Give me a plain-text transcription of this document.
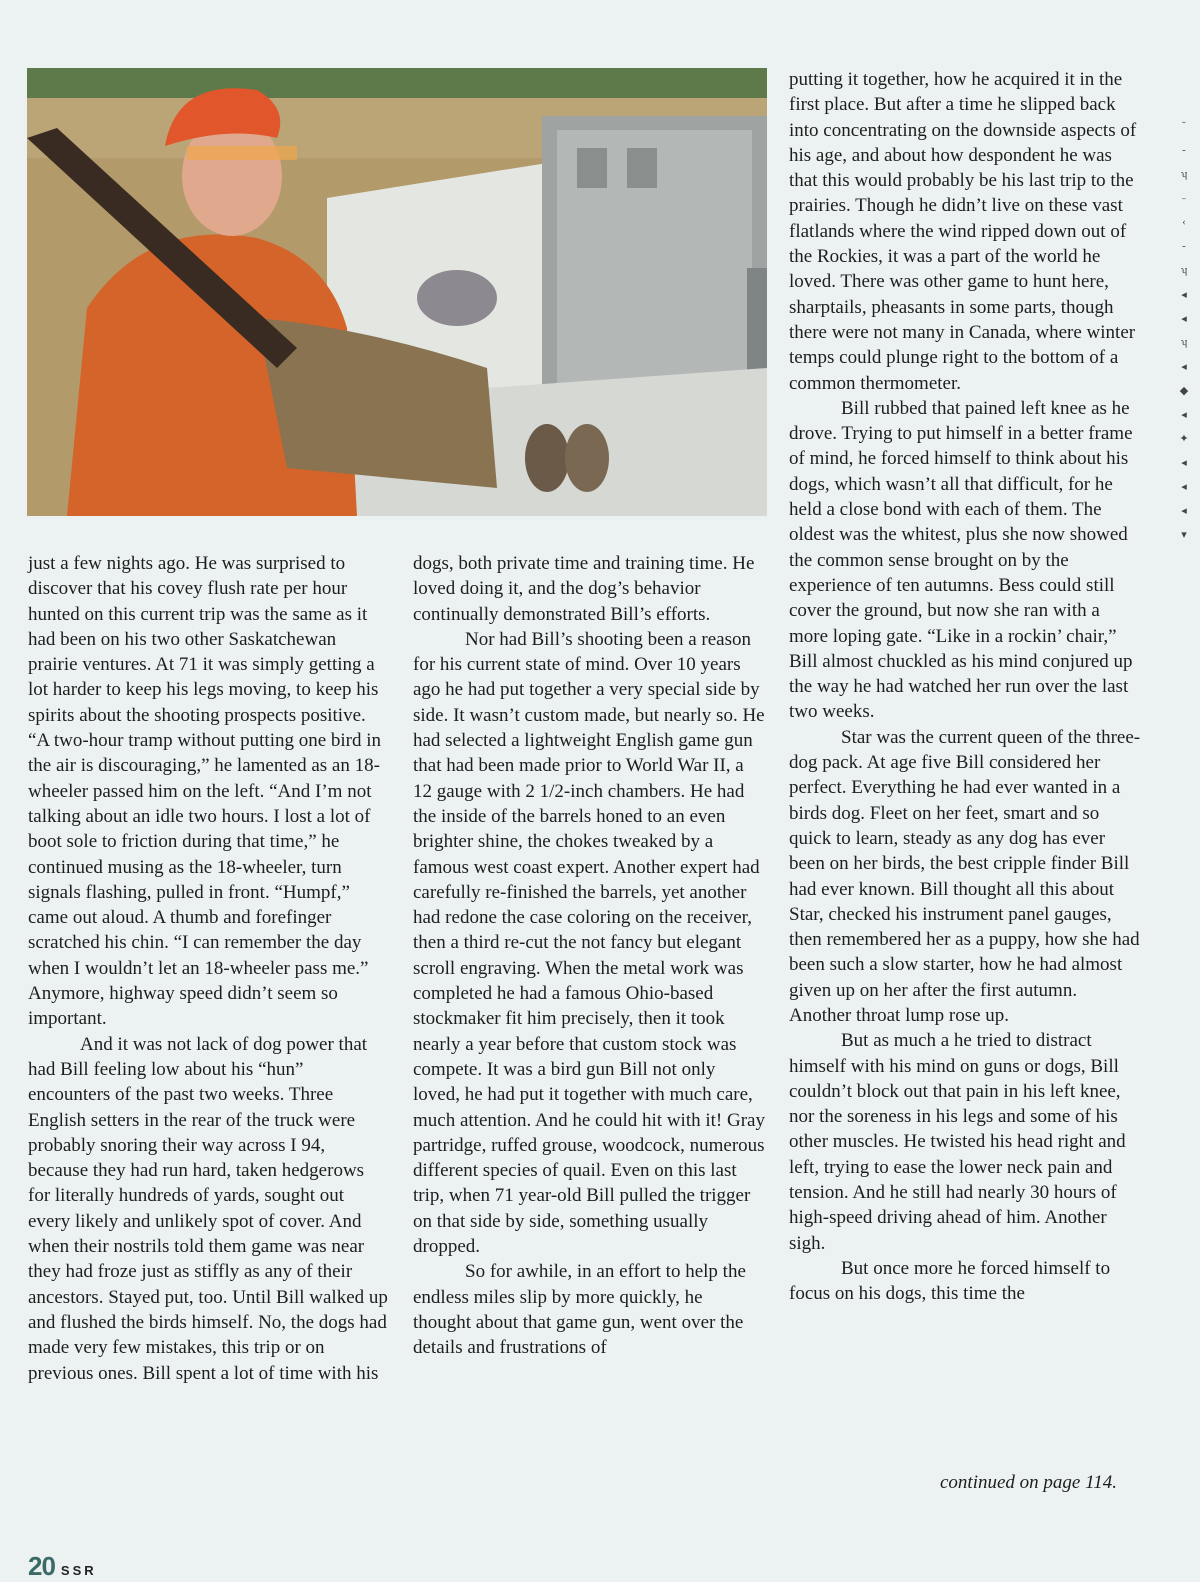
just a few nights ago. He was surprised to discover that his covey flush rate per hour hunted on this current trip was the same as it had been on his two other Saskatchewan prairie ventures. At 71 it was simply getting a lot harder to keep his legs moving, to keep his spirits about the shooting prospects positive. “A two-hour tramp without putting one bird in the air is discouraging,” he lamented as an 18-wheeler passed him on the left. “And I’m not talking about an idle two hours. I lost a lot of boot sole to friction during that time,” he continued musing as the 18-wheeler, turn signals flashing, pulled in front. “Humpf,” came out aloud. A thumb and forefinger scratched his chin. “I can remember the day when I wouldn’t let an 18-wheeler pass me.” Anymore, highway speed didn’t seem so important.

And it was not lack of dog power that had Bill feeling low about his “hun” encounters of the past two weeks. Three English setters in the rear of the truck were probably snoring their way across I 94, because they had run hard, taken hedgerows for literally hundreds of yards, sought out every likely and unlikely spot of cover. And when their nostrils told them game was near they had froze just as stiffly as any of their ancestors. Stayed put, too. Until Bill walked up and flushed the birds himself. No, the dogs had made very few mistakes, this trip or on previous ones. Bill spent a lot of time with his

dogs, both private time and training time. He loved doing it, and the dog’s behavior continually demonstrated Bill’s efforts.

Nor had Bill’s shooting been a reason for his current state of mind. Over 10 years ago he had put together a very special side by side. It wasn’t custom made, but nearly so. He had selected a lightweight English game gun that had been made prior to World War II, a 12 gauge with 2 1/2-inch chambers. He had the inside of the barrels honed to an even brighter shine, the chokes tweaked by a famous west coast expert. Another expert had carefully re-finished the barrels, yet another had redone the case coloring on the receiver, then a third re-cut the not fancy but elegant scroll engraving. When the metal work was completed he had a famous Ohio-based stockmaker fit him precisely, then it took nearly a year before that custom stock was compete. It was a bird gun Bill not only loved, he had put it together with much care, much attention. And he could hit with it! Gray partridge, ruffed grouse, woodcock, numerous different species of quail. Even on this last trip, when 71 year-old Bill pulled the trigger on that side by side, something usually dropped.

So for awhile, in an effort to help the endless miles slip by more quickly, he thought about that game gun, went over the details and frustrations of

putting it together, how he acquired it in the first place. But after a time he slipped back into concentrating on the downside aspects of his age, and about how despondent he was that this would probably be his last trip to the prairies. Though he didn’t live on these vast flatlands where the wind ripped down out of the Rockies, it was a part of the world he loved. There was other game to hunt here, sharptails, pheasants in some parts, though there were not many in Canada, where winter temps could plunge right to the bottom of a common thermometer.

Bill rubbed that pained left knee as he drove. Trying to put himself in a better frame of mind, he forced himself to think about his dogs, which wasn’t all that difficult, for he held a close bond with each of them. The oldest was the whitest, plus she now showed the common sense brought on by the experience of ten autumns. Bess could still cover the ground, but now she ran with a more loping gate. “Like in a rockin’ chair,” Bill almost chuckled as his mind conjured up the way he had watched her run over the last two weeks.

Star was the current queen of the three-dog pack. At age five Bill considered her perfect. Everything he had ever wanted in a birds dog. Fleet on her feet, smart and so quick to learn, steady as any dog has ever been on her birds, the best cripple finder Bill had ever known. Bill thought all this about Star, checked his instrument panel gauges, then remembered her as a puppy, how she had been such a slow starter, how he had almost given up on her after the first autumn. Another throat lump rose up.

But as much a he tried to distract himself with his mind on guns or dogs, Bill couldn’t block out that pain in his left knee, nor the soreness in his legs and some of his other muscles. He twisted his head right and left, trying to ease the lower neck pain and tension. And he still had nearly 30 hours of high-speed driving ahead of him. Another sigh.

But once more he forced himself to focus on his dogs, this time the

continued on page 114.
20 SSR
˘
‐
ʮ
˗
‹
‐
ʮ
◂
◂
ʮ
◂
◆
◂
✦
◂
◂
◂
▾
